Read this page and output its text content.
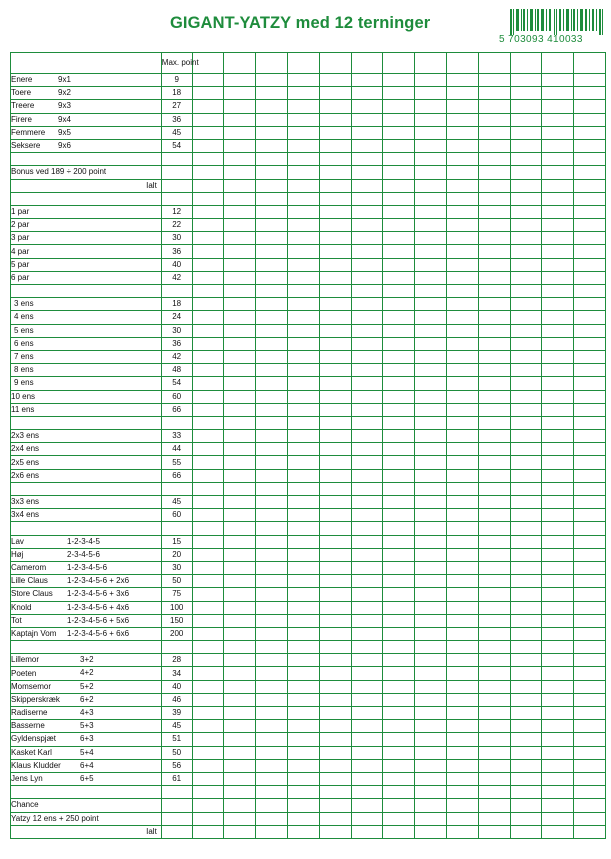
GIGANT-YATZY med 12 terninger
5 703093 410033
	Max. point													
Enere 9x1	9													
Toere 9x2	18													
Treere 9x3	27													
Firere 9x4	36													
Femmere 9x5	45													
Seksere 9x6	54													

Bonus ved 189 ÷ 200 point														

Ialt														

1 par	12													
2 par	22													
3 par	30													
4 par	36													
5 par	40													
6 par	42													

3 ens	18													
4 ens	24													
5 ens	30													
6 ens	36													
7 ens	42													
8 ens	48													
9 ens	54													
10 ens	60													
11 ens	66													

2x3 ens	33													
2x4 ens	44													
2x5 ens	55													
2x6 ens	66													

3x3 ens	45													
3x4 ens	60													

Lav 1-2-3-4-5	15													
Høj 2-3-4-5-6	20													
Camerom 1-2-3-4-5-6	30													
Lille Claus 1-2-3-4-5-6 + 2x6	50													
Store Claus 1-2-3-4-5-6 + 3x6	75													
Knold 1-2-3-4-5-6 + 4x6	100													
Tot 1-2-3-4-5-6 + 5x6	150													
Kaptajn Vom 1-2-3-4-5-6 + 6x6	200													

Lillemor 3+2	28													
Poeten 4+2	34													
Momsemor 5+2	40													
Skipperskræk 6+2	46													
Radiserne 4+3	39													
Basserne 5+3	45													
Gyldenspjæt 6+3	51													
Kasket Karl 5+4	50													
Klaus Kludder 6+4	56													
Jens Lyn 6+5	61													

Chance														
Yatzy 12 ens + 250 point														

Ialt														
